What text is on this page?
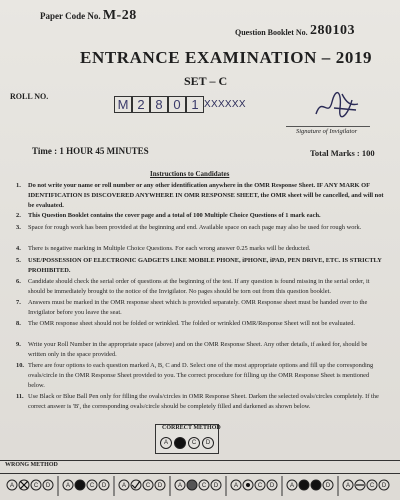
Paper Code No. M-28
Question Booklet No. 280103
ENTRANCE EXAMINATION – 2019
SET – C
ROLL NO.
M 2 8 0 1 XXXXXX
Signature of Invigilator
Time : 1 HOUR 45 MINUTES	Total Marks : 100
Instructions to Candidates
1. Do not write your name or roll number or any other identification anywhere in the OMR Response Sheet. IF ANY MARK OF IDENTIFICATION IS DISCOVERED ANYWHERE IN OMR RESPONSE SHEET, the OMR sheet will be cancelled, and will not be evaluated.

2. This Question Booklet contains the cover page and a total of 100 Multiple Choice Questions of 1 mark each.

3. Space for rough work has been provided at the beginning and end. Available space on each page may also be used for rough work.

4. There is negative marking in Multiple Choice Questions. For each wrong answer 0.25 marks will be deducted.

5. USE/POSSESSION OF ELECTRONIC GADGETS LIKE MOBILE PHONE, iPHONE, iPAD, PEN DRIVE, ETC. IS STRICTLY PROHIBITED.

6. Candidate should check the serial order of questions at the beginning of the test. If any question is found missing in the serial order, it should be immediately brought to the notice of the Invigilator. No pages should be torn out from this question booklet.

7. Answers must be marked in the OMR response sheet which is provided separately. OMR Response sheet must be handed over to the Invigilator before you leave the seat.

8. The OMR response sheet should not be folded or wrinkled. The folded or wrinkled OMR/Response Sheet will not be evaluated.

9. Write your Roll Number in the appropriate space (above) and on the OMR Response Sheet. Any other details, if asked for, should be written only in the space provided.

10. There are four options to each question marked A, B, C and D. Select one of the most appropriate options and fill up the corresponding ovals/circle in the OMR Response Sheet provided to you. The correct procedure for filling up the OMR Response Sheet is mentioned below.

11. Use Black or Blue Ball Pen only for filling the ovals/circles in OMR Response Sheet. Darken the selected ovals/circles completely. If the correct answer is 'B', the corresponding ovals/circle should be completely filled and darkened as shown below.

CORRECT METHOD
A	C	D
WRONG METHOD
A	C D	A	C D	A	C D	A	C D	A	C D	A	D	A	C D
